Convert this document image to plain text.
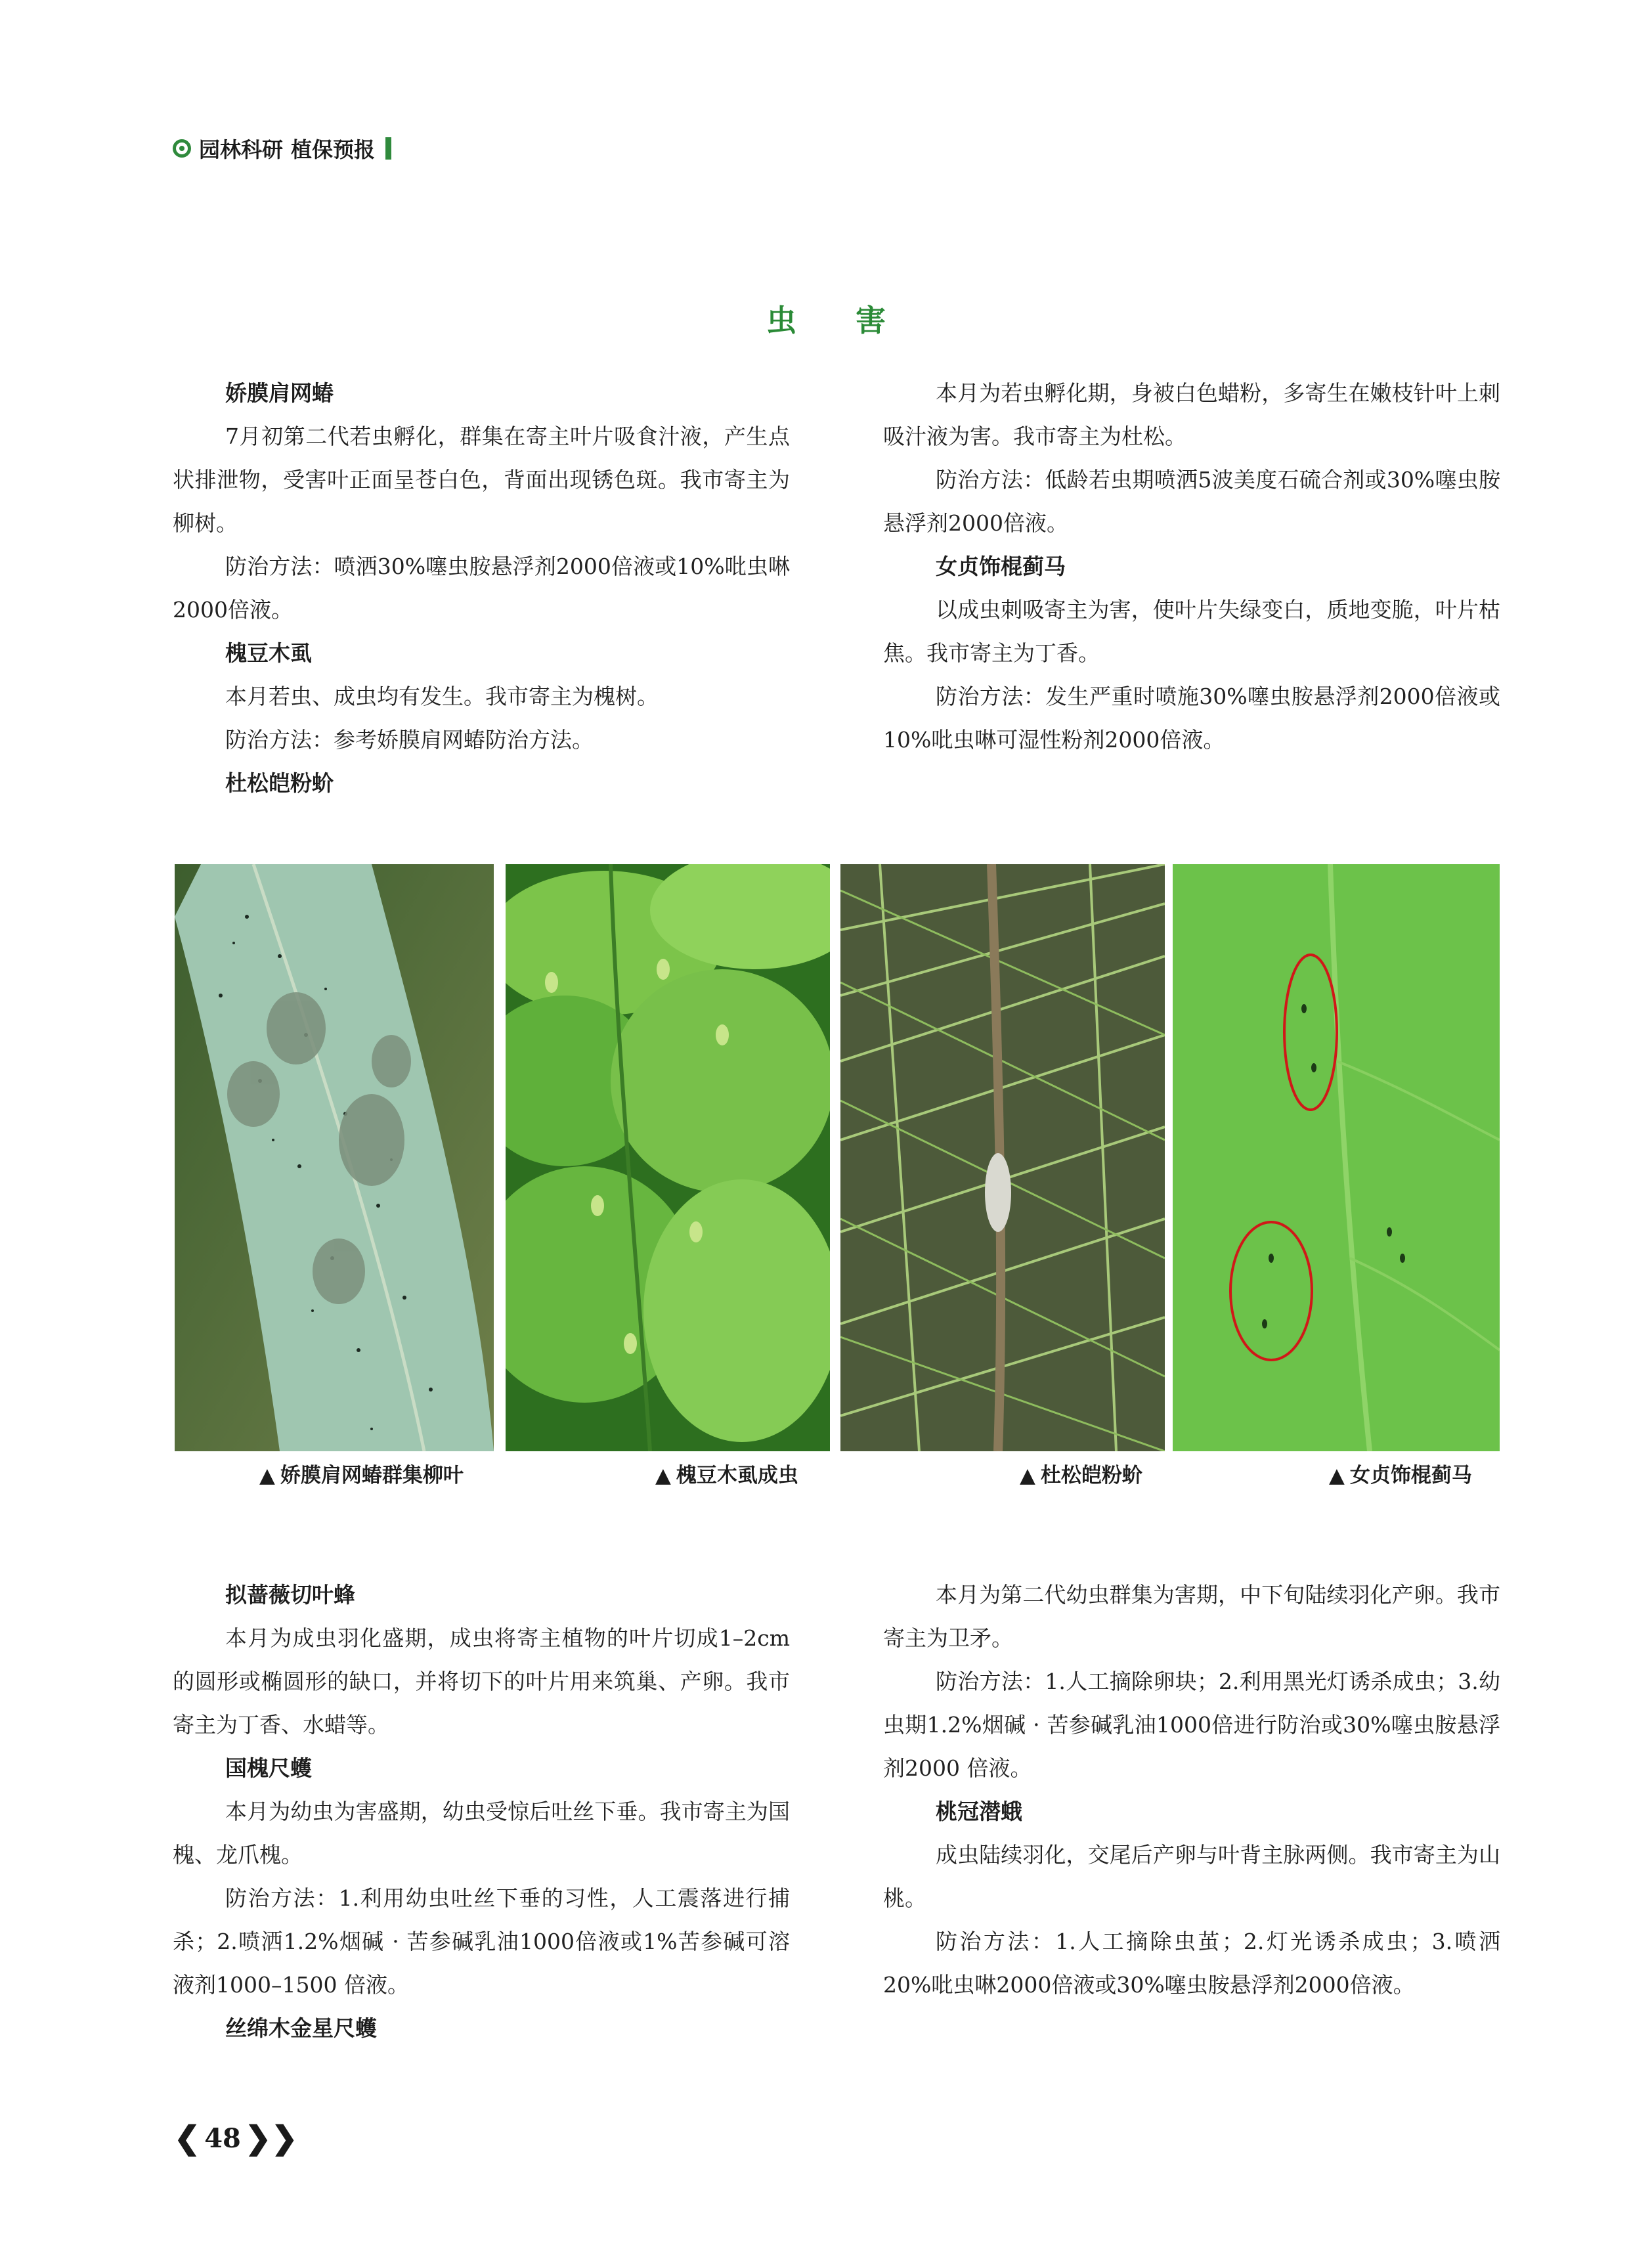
园林科研 植保预报
虫害
娇膜肩网蝽

7月初第二代若虫孵化，群集在寄主叶片吸食汁液，产生点状排泄物，受害叶正面呈苍白色，背面出现锈色斑。我市寄主为柳树。

防治方法：喷洒30%噻虫胺悬浮剂2000倍液或10%吡虫啉2000倍液。

槐豆木虱

本月若虫、成虫均有发生。我市寄主为槐树。

防治方法：参考娇膜肩网蝽防治方法。

杜松皑粉蚧

本月为若虫孵化期，身被白色蜡粉，多寄生在嫩枝针叶上刺吸汁液为害。我市寄主为杜松。

防治方法：低龄若虫期喷洒5波美度石硫合剂或30%噻虫胺悬浮剂2000倍液。

女贞饰棍蓟马

以成虫刺吸寄主为害，使叶片失绿变白，质地变脆，叶片枯焦。我市寄主为丁香。

防治方法：发生严重时喷施30%噻虫胺悬浮剂2000倍液或10%吡虫啉可湿性粉剂2000倍液。

▲ 娇膜肩网蝽群集柳叶	▲ 槐豆木虱成虫	▲ 杜松皑粉蚧	▲ 女贞饰棍蓟马
拟蔷薇切叶蜂

本月为成虫羽化盛期，成虫将寄主植物的叶片切成1–2cm的圆形或椭圆形的缺口，并将切下的叶片用来筑巢、产卵。我市寄主为丁香、水蜡等。

国槐尺蠖

本月为幼虫为害盛期，幼虫受惊后吐丝下垂。我市寄主为国槐、龙爪槐。

防治方法：1.利用幼虫吐丝下垂的习性，人工震落进行捕杀；2.喷洒1.2%烟碱 · 苦参碱乳油1000倍液或1%苦参碱可溶液剂1000–1500 倍液。

丝绵木金星尺蠖

本月为第二代幼虫群集为害期，中下旬陆续羽化产卵。我市寄主为卫矛。

防治方法：1.人工摘除卵块；2.利用黑光灯诱杀成虫；3.幼虫期1.2%烟碱 · 苦参碱乳油1000倍进行防治或30%噻虫胺悬浮剂2000 倍液。

桃冠潜蛾

成虫陆续羽化，交尾后产卵与叶背主脉两侧。我市寄主为山桃。

防治方法：1.人工摘除虫茧；2.灯光诱杀成虫；3.喷洒20%吡虫啉2000倍液或30%噻虫胺悬浮剂2000倍液。

❮ 48 ❯❯
